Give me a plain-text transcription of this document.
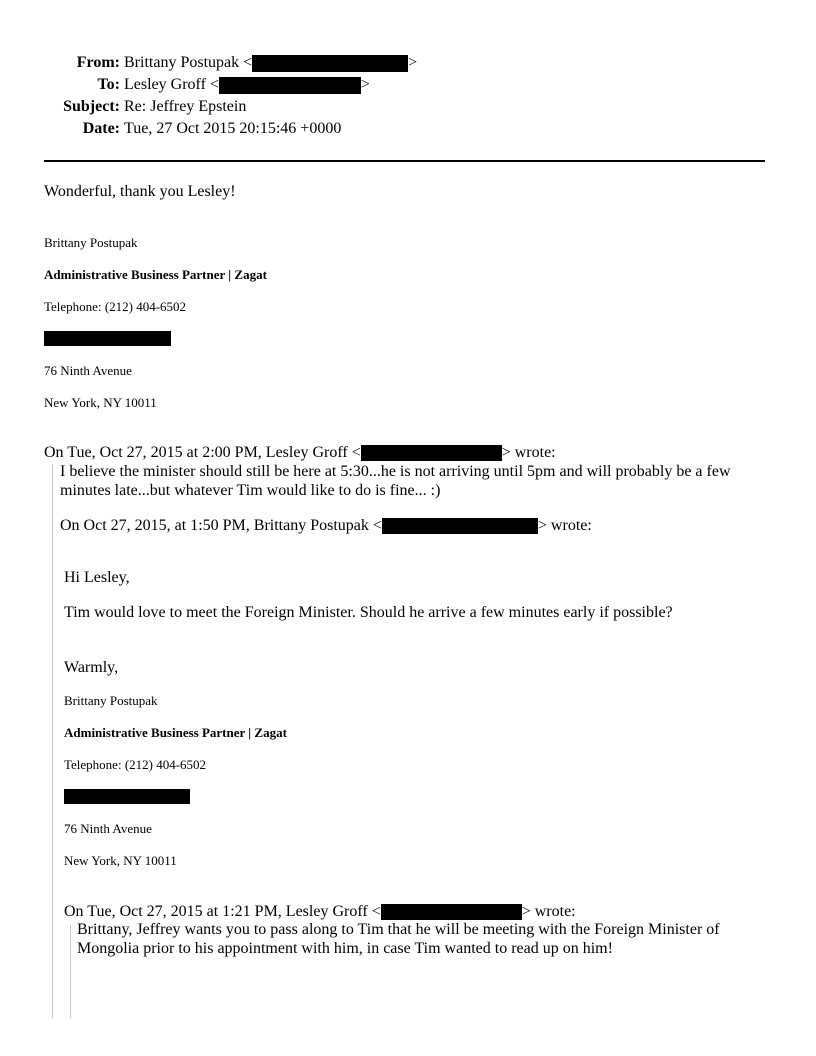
From: Brittany Postupak <	>
To: Lesley Groff <	>
Subject: Re: Jeffrey Epstein
Date: Tue, 27 Oct 2015 20:15:46 +0000
Wonderful, thank you Lesley!
Brittany Postupak
Administrative Business Partner | Zagat
Telephone: (212) 404-6502
76 Ninth Avenue
New York, NY 10011
On Tue, Oct 27, 2015 at 2:00 PM, Lesley Groff <	> wrote:
I believe the minister should still be here at 5:30...he is not arriving until 5pm and will probably be a few
minutes late...but whatever Tim would like to do is fine... :)
On Oct 27, 2015, at 1:50 PM, Brittany Postupak <	> wrote:
Hi Lesley,
Tim would love to meet the Foreign Minister. Should he arrive a few minutes early if possible?
Warmly,
Brittany Postupak
Administrative Business Partner | Zagat
Telephone: (212) 404-6502
76 Ninth Avenue
New York, NY 10011
On Tue, Oct 27, 2015 at 1:21 PM, Lesley Groff <	> wrote:
Brittany, Jeffrey wants you to pass along to Tim that he will be meeting with the Foreign Minister of
Mongolia prior to his appointment with him, in case Tim wanted to read up on him!
